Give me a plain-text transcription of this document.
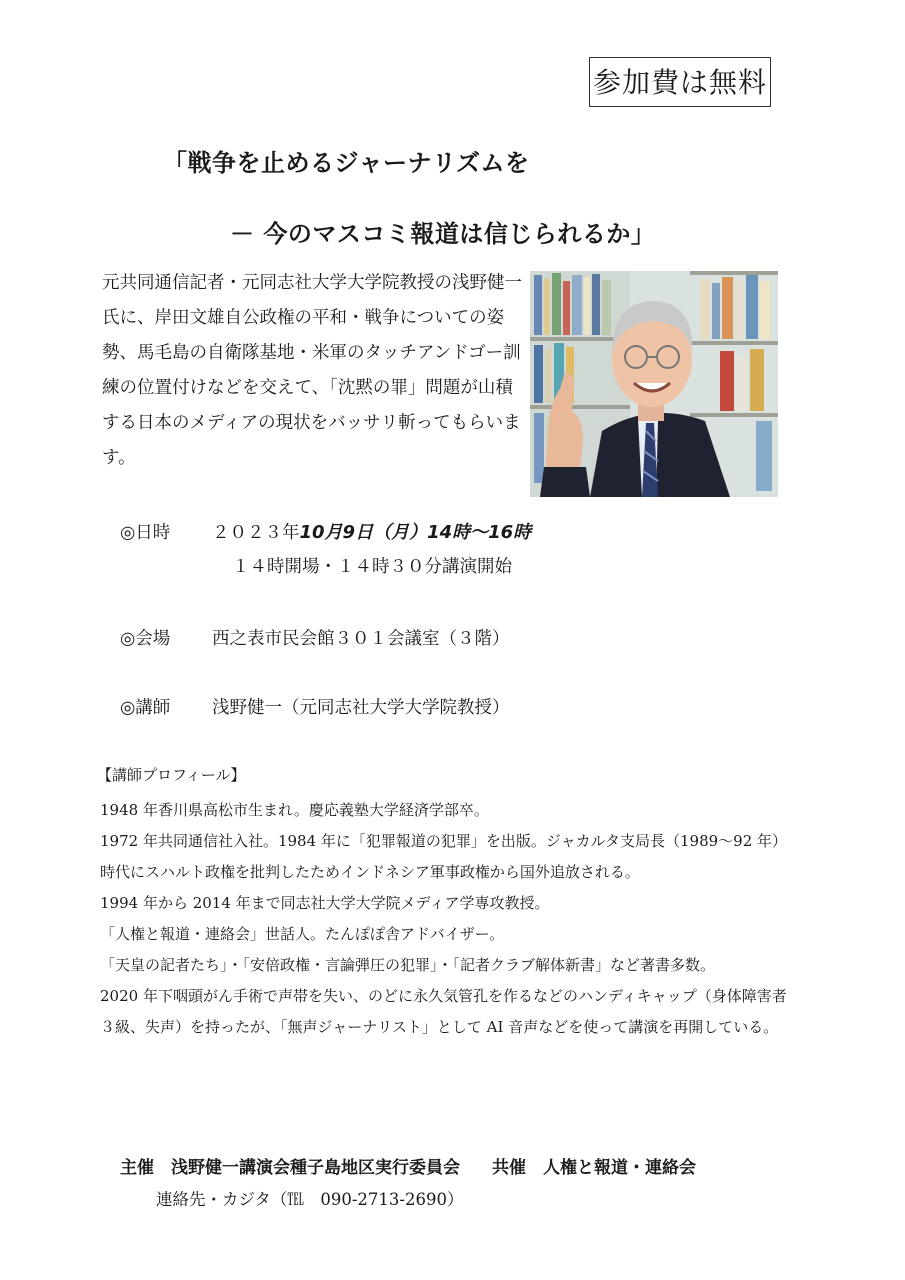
参加費は無料
「戦争を止めるジャーナリズムを
－ 今のマスコミ報道は信じられるか」

元共同通信記者・元同志社大学大学院教授の浅野健一氏に、岸田文雄自公政権の平和・戦争についての姿勢、馬毛島の自衛隊基地・米軍のタッチアンドゴー訓練の位置付けなどを交えて、「沈黙の罪」問題が山積する日本のメディアの現状をバッサリ斬ってもらいます。

◎日時 ２０２３年10月9日（月）14時～16時
１４時開場・１４時３０分講演開始
◎会場 西之表市民会館３０１会議室（３階）
◎講師 浅野健一（元同志社大学大学院教授）
【講師プロフィール】

1948 年香川県高松市生まれ。慶応義塾大学経済学部卒。

1972 年共同通信社入社。1984 年に「犯罪報道の犯罪」を出版。ジャカルタ支局長（1989～92 年）時代にスハルト政権を批判したためインドネシア軍事政権から国外追放される。

1994 年から 2014 年まで同志社大学大学院メディア学専攻教授。

「人権と報道・連絡会」世話人。たんぽぽ舎アドバイザー。

「天皇の記者たち」・「安倍政権・言論弾圧の犯罪」・「記者クラブ解体新書」など著書多数。

2020 年下咽頭がん手術で声帯を失い、のどに永久気管孔を作るなどのハンディキャップ（身体障害者３級、失声）を持ったが、「無声ジャーナリスト」として AI 音声などを使って講演を再開している。

主催　浅野健一講演会種子島地区実行委員会 共催　人権と報道・連絡会
連絡先・カジタ（℡　090-2713-2690）
